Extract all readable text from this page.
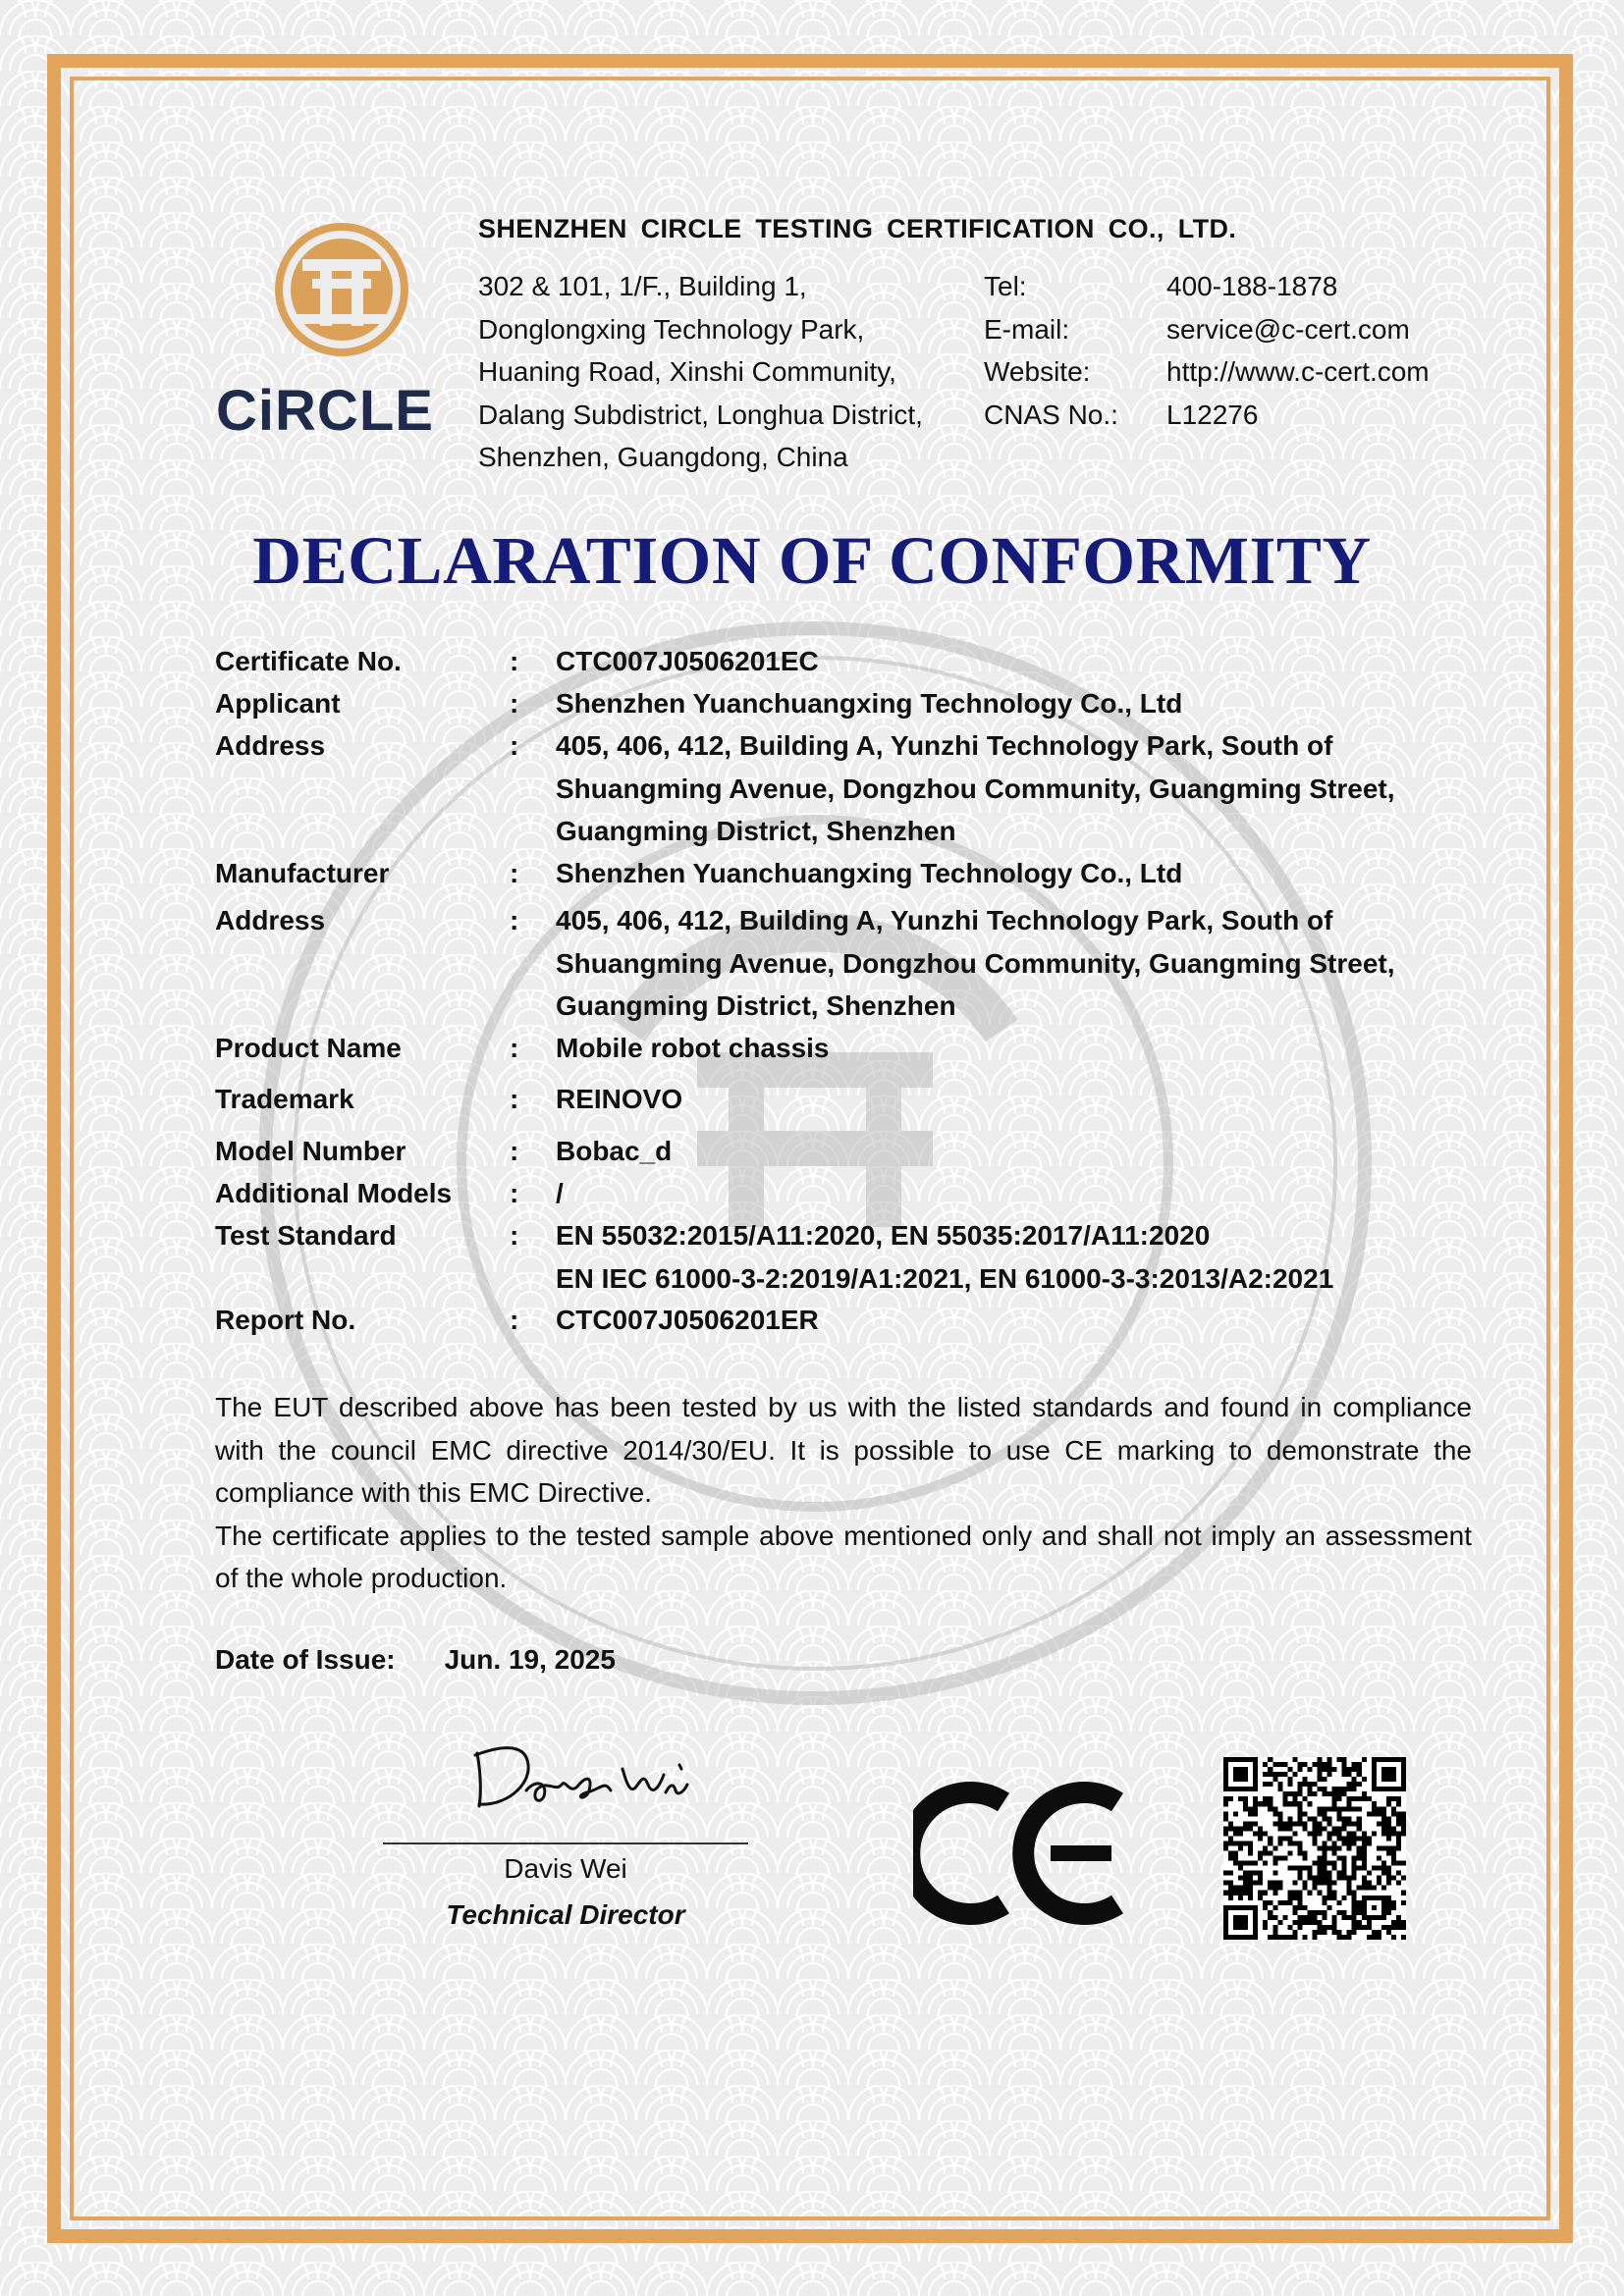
CiRCLE
SHENZHEN CIRCLE TESTING CERTIFICATION CO., LTD.
302 & 101, 1/F., Building 1,
Donglongxing Technology Park,
Huaning Road, Xinshi Community,
Dalang Subdistrict, Longhua District,
Shenzhen, Guangdong, China
Tel:	400-188-1878
E-mail:	service@c-cert.com
Website:	http://www.c-cert.com
CNAS No.:	L12276
DECLARATION OF CONFORMITY
Certificate No.	:	CTC007J0506201EC
Applicant	:	Shenzhen Yuanchuangxing Technology Co., Ltd
Address	:	405, 406, 412, Building A, Yunzhi Technology Park, South of
Shuangming Avenue, Dongzhou Community, Guangming Street,
Guangming District, Shenzhen
Manufacturer	:	Shenzhen Yuanchuangxing Technology Co., Ltd
Address	:	405, 406, 412, Building A, Yunzhi Technology Park, South of
Shuangming Avenue, Dongzhou Community, Guangming Street,
Guangming District, Shenzhen
Product Name	:	Mobile robot chassis
Trademark	:	REINOVO
Model Number	:	Bobac_d
Additional Models	:	/
Test Standard	:	EN 55032:2015/A11:2020, EN 55035:2017/A11:2020
EN IEC 61000-3-2:2019/A1:2021, EN 61000-3-3:2013/A2:2021
Report No.	:	CTC007J0506201ER

The EUT described above has been tested by us with the listed standards and found in compliance with the council EMC directive 2014/30/EU. It is possible to use CE marking to demonstrate the compliance with this EMC Directive.

The certificate applies to the tested sample above mentioned only and shall not imply an assessment of the whole production.

Date of Issue: Jun. 19, 2025
Davis Wei
Technical Director
